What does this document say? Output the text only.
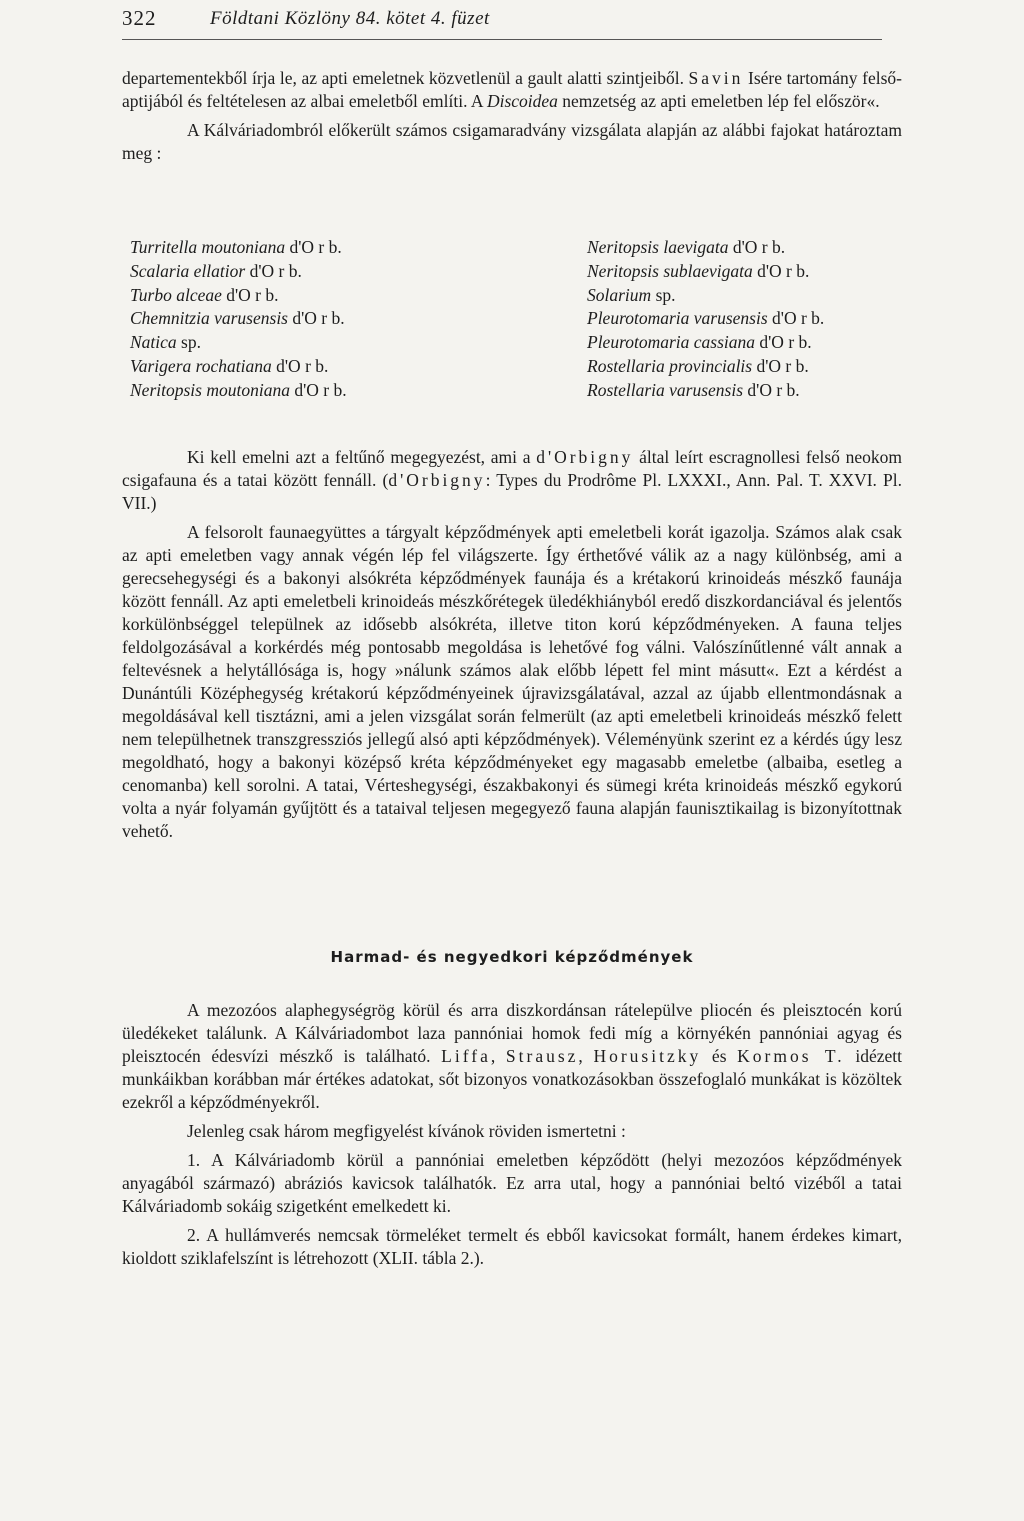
322	Földtani Közlöny 84. kötet 4. füzet

departementekből írja le, az apti emeletnek közvetlenül a gault alatti szintjeiből. Savin Isére tartomány felső-aptijából és feltételesen az albai emeletből említi. A Discoidea nemzetség az apti emeletben lép fel először«.

A Kálváriadombról előkerült számos csigamaradvány vizsgálata alapján az alábbi fajokat határoztam meg :

Turritella moutoniana d'O r b.
Scalaria ellatior d'O r b.
Turbo alceae d'O r b.
Chemnitzia varusensis d'O r b.
Natica sp.
Varigera rochatiana d'O r b.
Neritopsis moutoniana d'O r b.
Neritopsis laevigata d'O r b.
Neritopsis sublaevigata d'O r b.
Solarium sp.
Pleurotomaria varusensis d'O r b.
Pleurotomaria cassiana d'O r b.
Rostellaria provincialis d'O r b.
Rostellaria varusensis d'O r b.

Ki kell emelni azt a feltűnő megegyezést, ami a d'Orbigny által leírt escragnollesi felső neokom csigafauna és a tatai között fennáll. (d'Orbigny: Types du Prodrôme Pl. LXXXI., Ann. Pal. T. XXVI. Pl. VII.)

A felsorolt faunaegyüttes a tárgyalt képződmények apti emeletbeli korát igazolja. Számos alak csak az apti emeletben vagy annak végén lép fel világszerte. Így érthetővé válik az a nagy különbség, ami a gerecsehegységi és a bakonyi alsókréta képződmények faunája és a krétakorú krinoideás mészkő faunája között fennáll. Az apti emeletbeli krinoideás mészkőrétegek üledékhiányból eredő diszkordanciával és jelentős korkülönbséggel települnek az idősebb alsókréta, illetve titon korú képződményeken. A fauna teljes feldolgozásával a korkérdés még pontosabb megoldása is lehetővé fog válni. Valószínűtlenné vált annak a feltevésnek a helytállósága is, hogy »nálunk számos alak előbb lépett fel mint másutt«. Ezt a kérdést a Dunántúli Középhegység krétakorú képződményeinek újravizsgálatával, azzal az újabb ellentmondásnak a megoldásával kell tisztázni, ami a jelen vizsgálat során felmerült (az apti emeletbeli krinoideás mészkő felett nem települhetnek transzgressziós jellegű alsó apti képződmények). Véleményünk szerint ez a kérdés úgy lesz megoldható, hogy a bakonyi középső kréta képződményeket egy magasabb emeletbe (albaiba, esetleg a cenomanba) kell sorolni. A tatai, Vérteshegységi, északbakonyi és sümegi kréta krinoideás mészkő egykorú volta a nyár folyamán gyűjtött és a tataival teljesen megegyező fauna alapján faunisztikailag is bizonyítottnak vehető.

Harmad- és negyedkori képződmények

A mezozóos alaphegységrög körül és arra diszkordánsan rátelepülve pliocén és pleisztocén korú üledékeket találunk. A Kálváriadombot laza pannóniai homok fedi míg a környékén pannóniai agyag és pleisztocén édesvízi mészkő is található. Liffa, Strausz, Horusitzky és Kormos T. idézett munkáikban korábban már értékes adatokat, sőt bizonyos vonatkozásokban összefoglaló munkákat is közöltek ezekről a képződményekről.

Jelenleg csak három megfigyelést kívánok röviden ismertetni :

1. A Kálváriadomb körül a pannóniai emeletben képződött (helyi mezozóos képződmények anyagából származó) abráziós kavicsok találhatók. Ez arra utal, hogy a pannóniai beltó vizéből a tatai Kálváriadomb sokáig szigetként emelkedett ki.

2. A hullámverés nemcsak törmeléket termelt és ebből kavicsokat formált, hanem érdekes kimart, kioldott sziklafelszínt is létrehozott (XLII. tábla 2.).
